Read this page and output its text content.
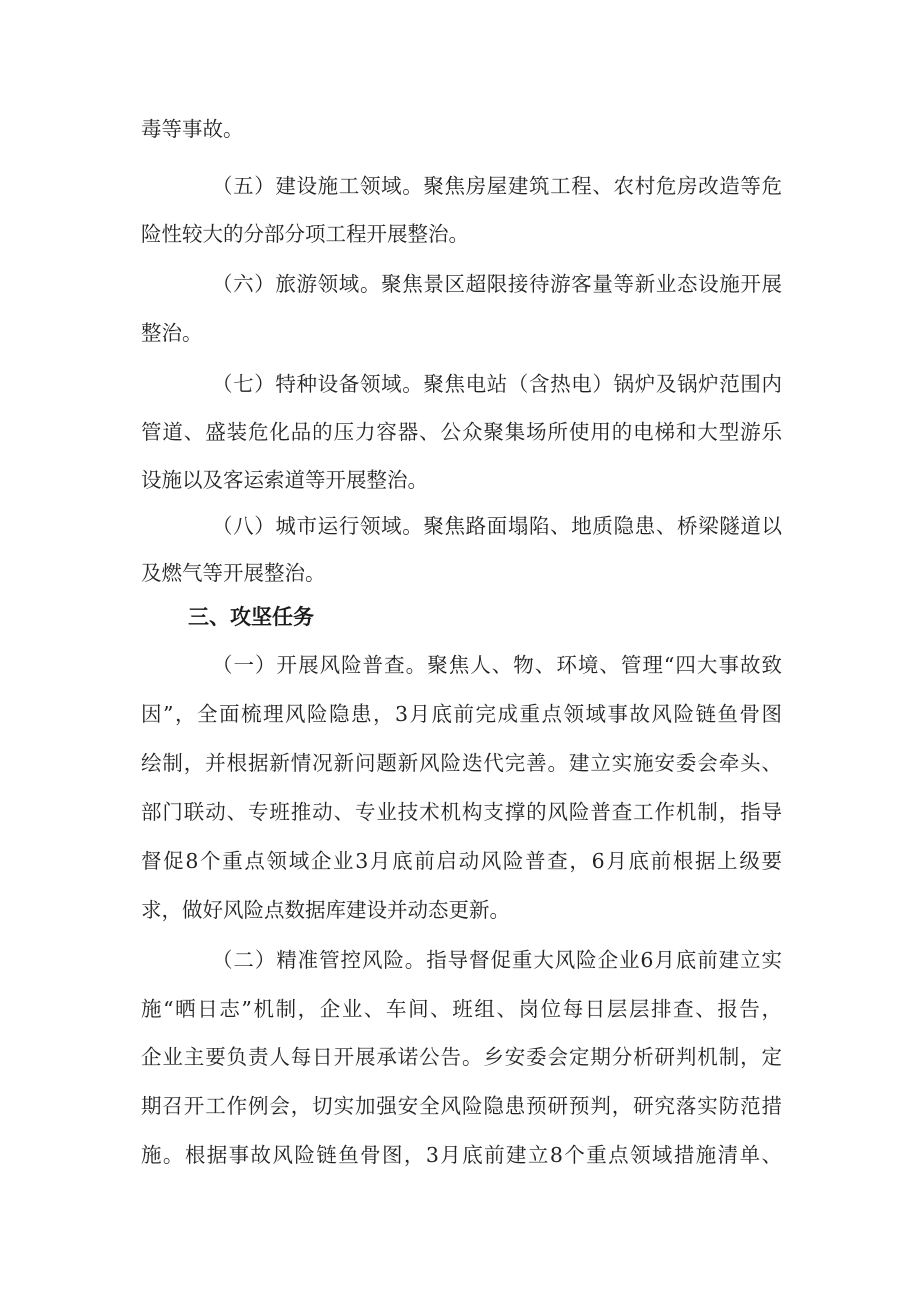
毒等事故。
（五）建设施工领域。聚焦房屋建筑工程、农村危房改造等危
险性较大的分部分项工程开展整治。
（六）旅游领域。聚焦景区超限接待游客量等新业态设施开展
整治。
（七）特种设备领域。聚焦电站（含热电）锅炉及锅炉范围内
管道、盛装危化品的压力容器、公众聚集场所使用的电梯和大型游乐
设施以及客运索道等开展整治。
（八）城市运行领域。聚焦路面塌陷、地质隐患、桥梁隧道以
及燃气等开展整治。
三、攻坚任务
（一）开展风险普查。聚焦人、物、环境、管理“四大事故致
因”，全面梳理风险隐患，3月底前完成重点领域事故风险链鱼骨图
绘制，并根据新情况新问题新风险迭代完善。建立实施安委会牵头、
部门联动、专班推动、专业技术机构支撑的风险普查工作机制，指导
督促8个重点领域企业3月底前启动风险普查，6月底前根据上级要
求，做好风险点数据库建设并动态更新。
（二）精准管控风险。指导督促重大风险企业6月底前建立实
施“晒日志”机制，企业、车间、班组、岗位每日层层排查、报告，
企业主要负责人每日开展承诺公告。乡安委会定期分析研判机制，定
期召开工作例会，切实加强安全风险隐患预研预判，研究落实防范措
施。根据事故风险链鱼骨图，3月底前建立8个重点领域措施清单、
